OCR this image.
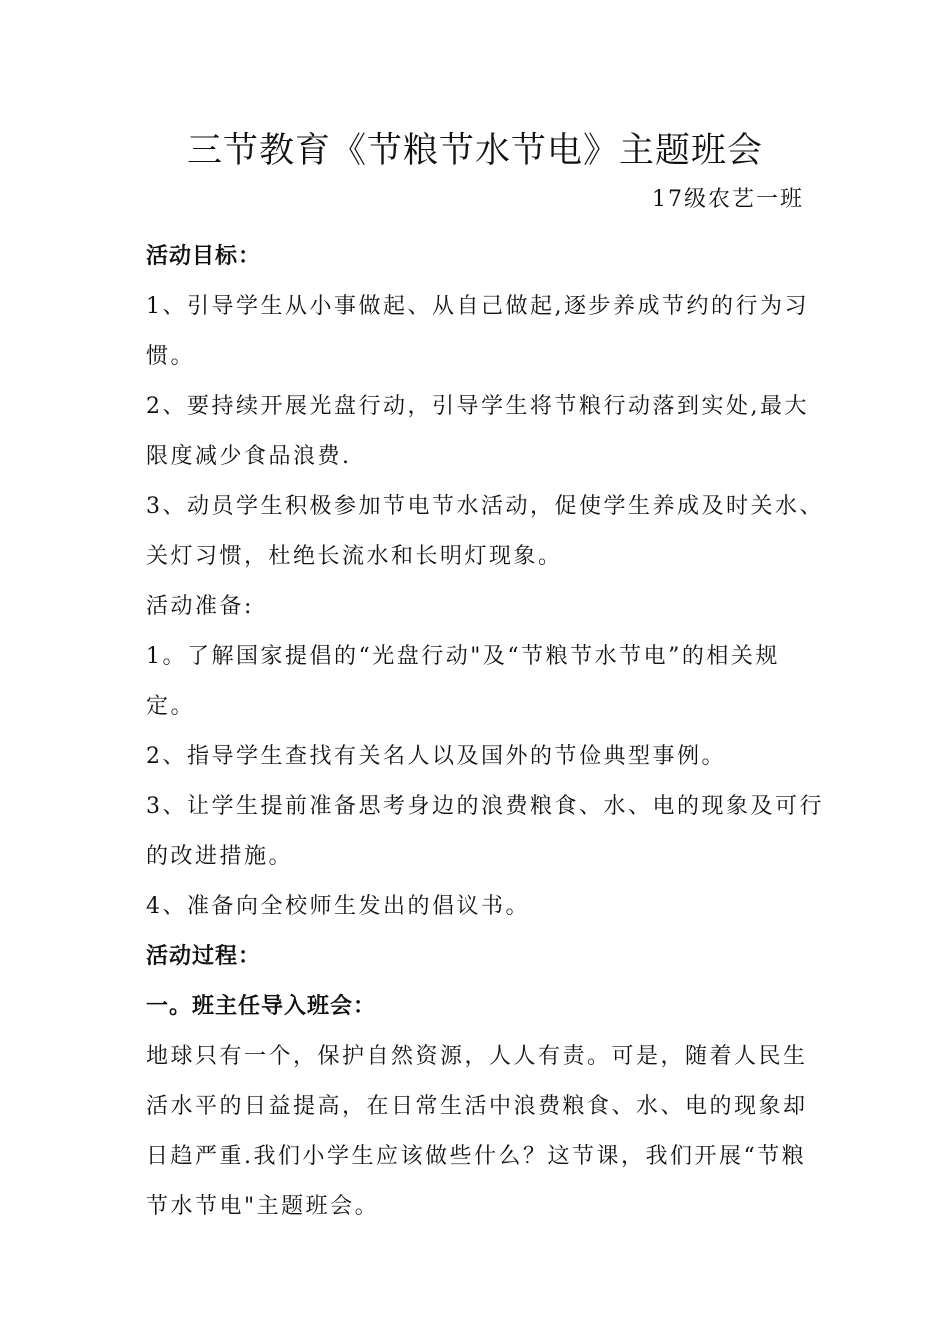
三节教育《节粮节水节电》主题班会
17级农艺一班
活动目标：
1、引导学生从小事做起、从自己做起,逐步养成节约的行为习
惯。
2、要持续开展光盘行动，引导学生将节粮行动落到实处,最大
限度减少食品浪费.
3、动员学生积极参加节电节水活动，促使学生养成及时关水、
关灯习惯，杜绝长流水和长明灯现象。
活动准备:
1。了解国家提倡的“光盘行动"及“节粮节水节电”的相关规
定。
2、指导学生查找有关名人以及国外的节俭典型事例。
3、让学生提前准备思考身边的浪费粮食、水、电的现象及可行
的改进措施。
4、准备向全校师生发出的倡议书。
活动过程：
一。班主任导入班会：
地球只有一个，保护自然资源，人人有责。可是，随着人民生
活水平的日益提高，在日常生活中浪费粮食、水、电的现象却
日趋严重.我们小学生应该做些什么？这节课，我们开展“节粮
节水节电"主题班会。
